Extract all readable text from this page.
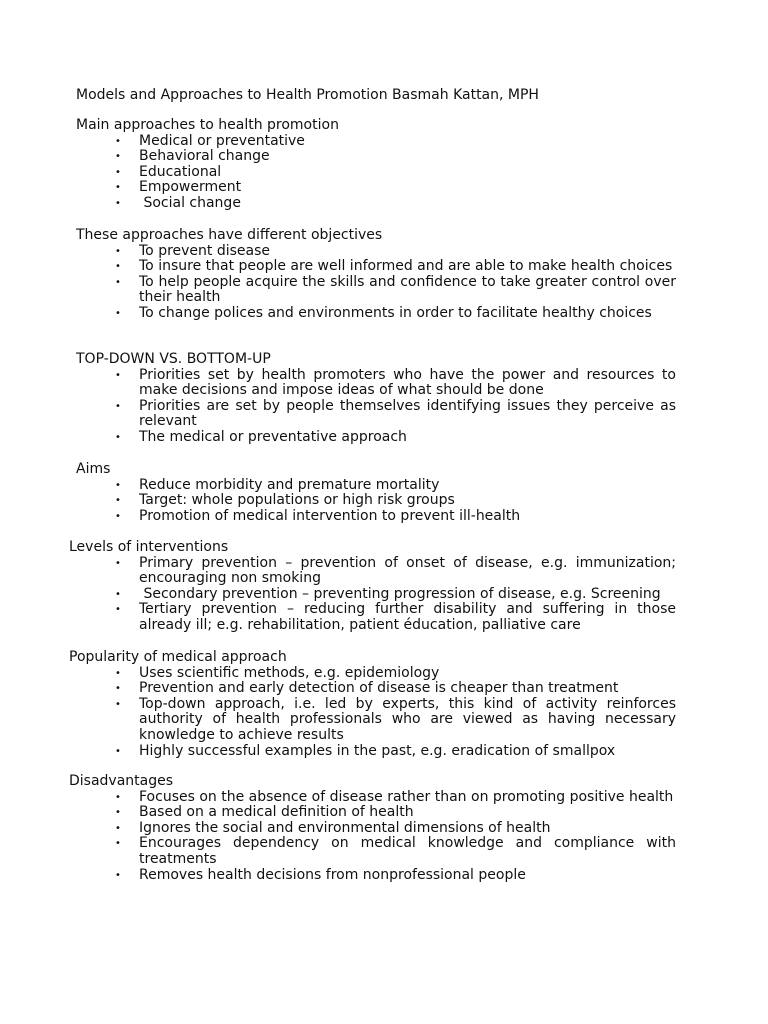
Models and Approaches to Health Promotion Basmah Kattan, MPH

Main approaches to health promotion

• Medical or preventative
• Behavioral change
• Educational
• Empowerment
• Social change

These approaches have different objectives

• To prevent disease
• To insure that people are well informed and are able to make health choices
• To help people acquire the skills and confidence to take greater control over their health
• To change polices and environments in order to facilitate healthy choices

TOP-DOWN VS. BOTTOM-UP

• Priorities set by health promoters who have the power and resources to make decisions and impose ideas of what should be done
• Priorities are set by people themselves identifying issues they perceive as relevant
• The medical or preventative approach

Aims

• Reduce morbidity and premature mortality
• Target: whole populations or high risk groups
• Promotion of medical intervention to prevent ill-health

Levels of interventions

• Primary prevention – prevention of onset of disease, e.g. immunization; encouraging non smoking
• Secondary prevention – preventing progression of disease, e.g. Screening
• Tertiary prevention – reducing further disability and suffering in those already ill; e.g. rehabilitation, patient éducation, palliative care

Popularity of medical approach

• Uses scientific methods, e.g. epidemiology
• Prevention and early detection of disease is cheaper than treatment
• Top-down approach, i.e. led by experts, this kind of activity reinforces authority of health professionals who are viewed as having necessary knowledge to achieve results
• Highly successful examples in the past, e.g. eradication of smallpox

Disadvantages

• Focuses on the absence of disease rather than on promoting positive health
• Based on a medical definition of health
• Ignores the social and environmental dimensions of health
• Encourages dependency on medical knowledge and compliance with treatments
• Removes health decisions from nonprofessional people
